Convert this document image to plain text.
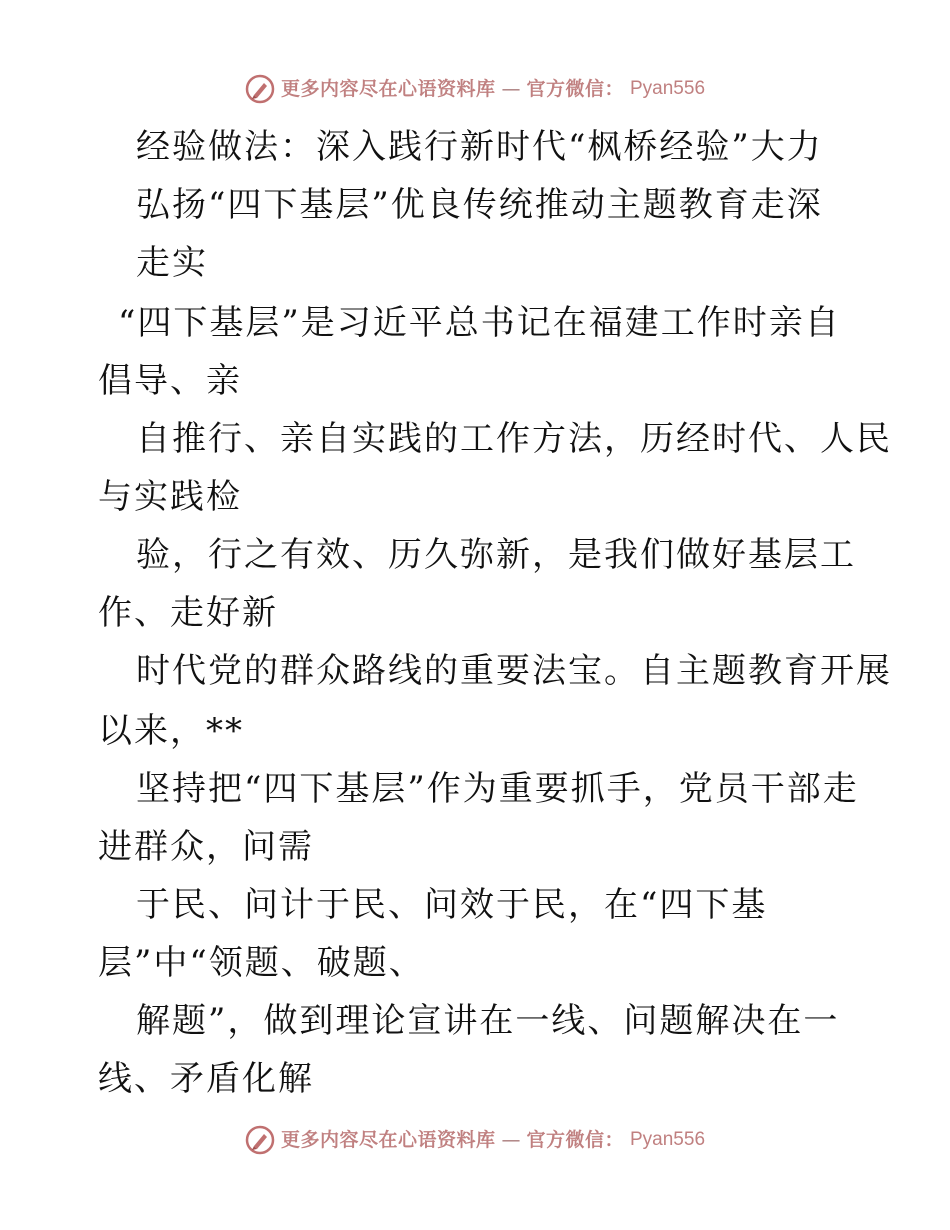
更多内容尽在心语资料库 — 官方微信： Pyan556
经验做法：深入践行新时代“枫桥经验”大力
弘扬“四下基层”优良传统推动主题教育走深
走实
“四下基层”是习近平总书记在福建工作时亲自
倡导、亲
自推行、亲自实践的工作方法，历经时代、人民
与实践检
验，行之有效、历久弥新，是我们做好基层工
作、走好新
时代党的群众路线的重要法宝。自主题教育开展
以来，**
坚持把“四下基层”作为重要抓手，党员干部走
进群众，问需
于民、问计于民、问效于民，在“四下基
层”中“领题、破题、
解题”，做到理论宣讲在一线、问题解决在一
线、矛盾化解
更多内容尽在心语资料库 — 官方微信： Pyan556
